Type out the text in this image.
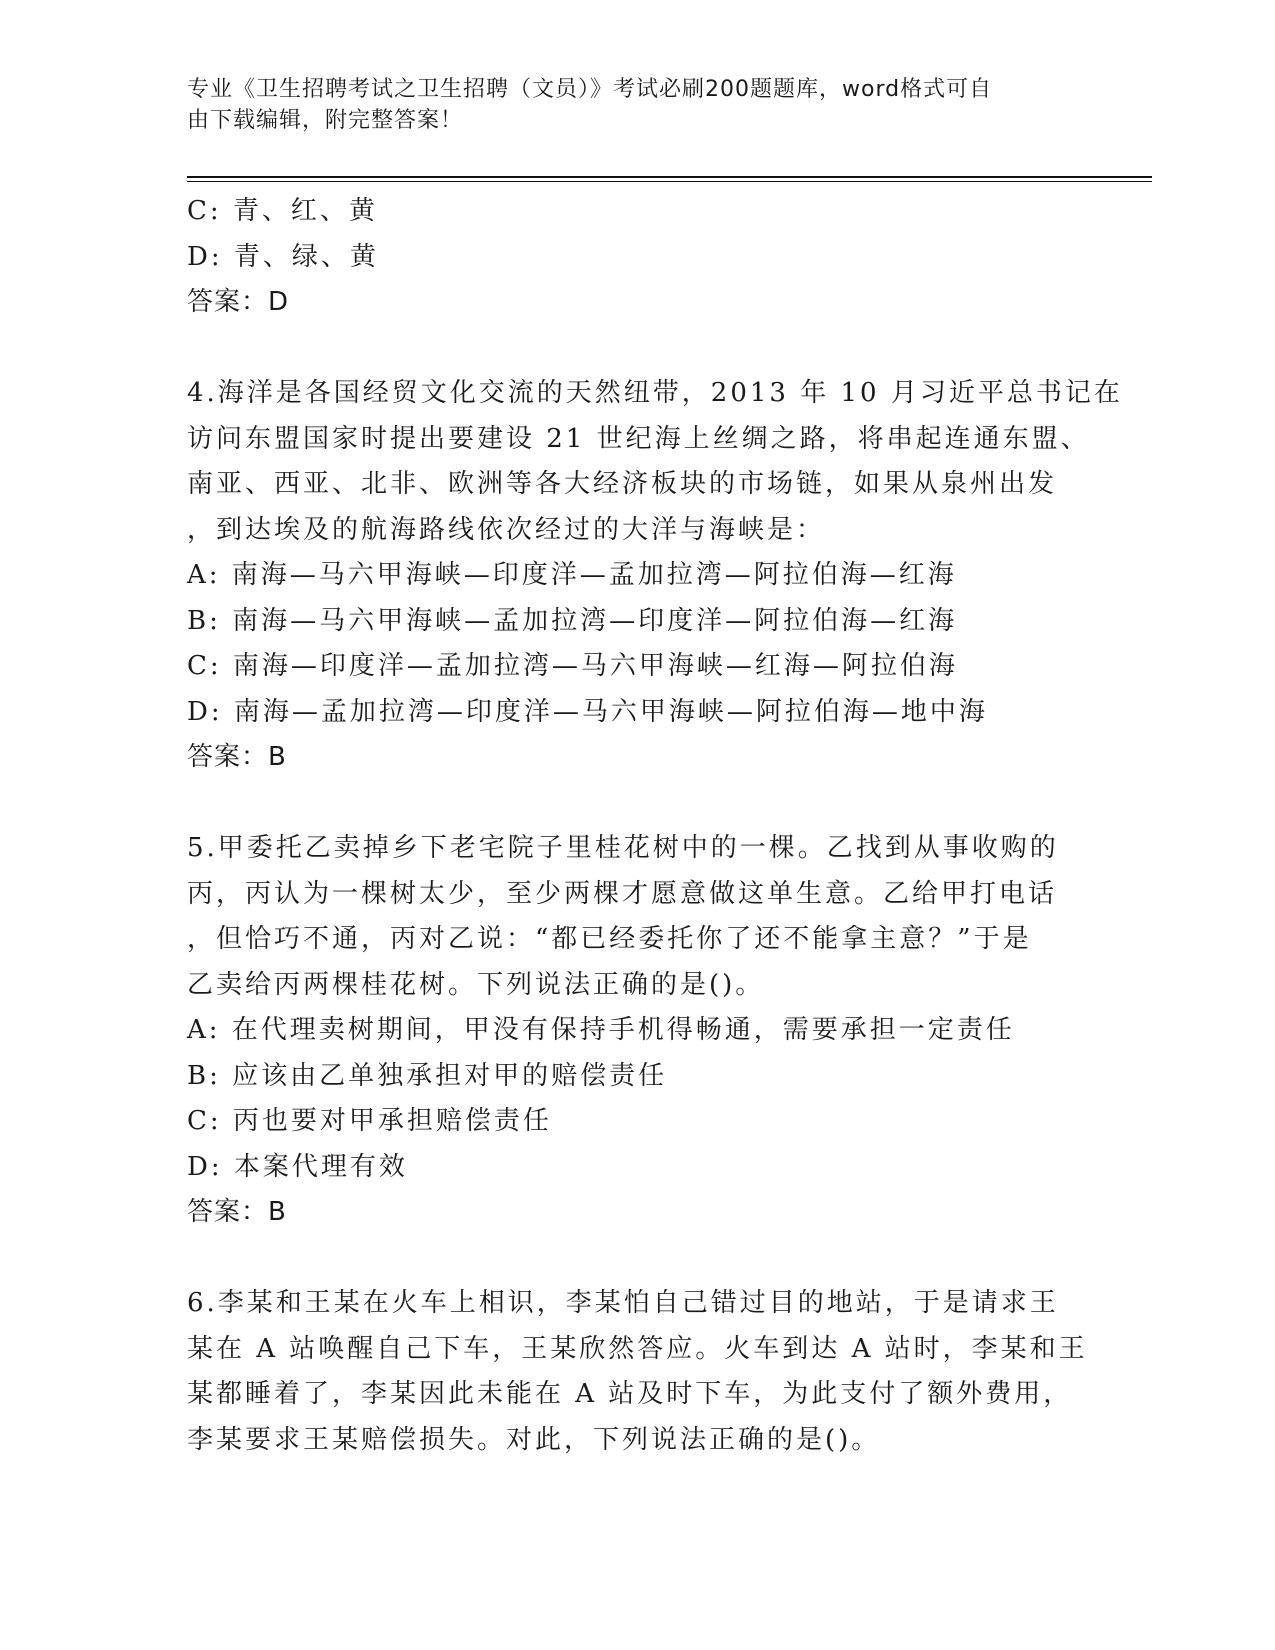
专业《卫生招聘考试之卫生招聘（文员）》考试必刷200题题库，word格式可自
由下载编辑，附完整答案！
C: 青、红、黄
D: 青、绿、黄
答案：D
4.海洋是各国经贸文化交流的天然纽带，2013 年 10 月习近平总书记在
访问东盟国家时提出要建设 21 世纪海上丝绸之路，将串起连通东盟、
南亚、西亚、北非、欧洲等各大经济板块的市场链，如果从泉州出发
，到达埃及的航海路线依次经过的大洋与海峡是：
A: 南海—马六甲海峡—印度洋—孟加拉湾—阿拉伯海—红海
B: 南海—马六甲海峡—孟加拉湾—印度洋—阿拉伯海—红海
C: 南海—印度洋—孟加拉湾—马六甲海峡—红海—阿拉伯海
D: 南海—孟加拉湾—印度洋—马六甲海峡—阿拉伯海—地中海
答案：B
5.甲委托乙卖掉乡下老宅院子里桂花树中的一棵。乙找到从事收购的
丙，丙认为一棵树太少，至少两棵才愿意做这单生意。乙给甲打电话
，但恰巧不通，丙对乙说：“都已经委托你了还不能拿主意？”于是
乙卖给丙两棵桂花树。下列说法正确的是()。
A: 在代理卖树期间，甲没有保持手机得畅通，需要承担一定责任
B: 应该由乙单独承担对甲的赔偿责任
C: 丙也要对甲承担赔偿责任
D: 本案代理有效
答案：B
6.李某和王某在火车上相识，李某怕自己错过目的地站，于是请求王
某在 A 站唤醒自己下车，王某欣然答应。火车到达 A 站时，李某和王
某都睡着了，李某因此未能在 A 站及时下车，为此支付了额外费用，
李某要求王某赔偿损失。对此，下列说法正确的是()。
